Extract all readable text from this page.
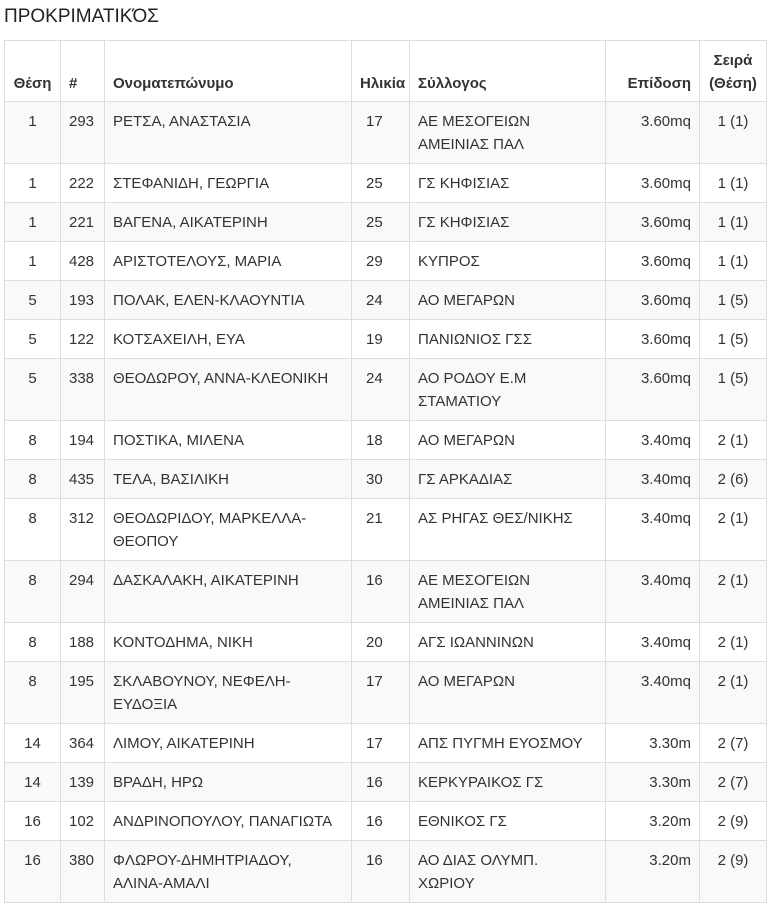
ΠΡΟΚΡΙΜΑΤΙΚΌΣ
Θέση	#	Ονοματεπώνυμο	Ηλικία	Σύλλογος	Επίδοση	Σειρά (Θέση)
1	293	ΡΕΤΣΑ, ΑΝΑΣΤΑΣΙΑ	17	ΑΕ ΜΕΣΟΓΕΙΩΝ ΑΜΕΙΝΙΑΣ ΠΑΛ	3.60mq	1 (1)
1	222	ΣΤΕΦΑΝΙΔΗ, ΓΕΩΡΓΙΑ	25	ΓΣ ΚΗΦΙΣΙΑΣ	3.60mq	1 (1)
1	221	ΒΑΓΕΝΑ, ΑΙΚΑΤΕΡΙΝΗ	25	ΓΣ ΚΗΦΙΣΙΑΣ	3.60mq	1 (1)
1	428	ΑΡΙΣΤΟΤΕΛΟΥΣ, ΜΑΡΙΑ	29	ΚΥΠΡΟΣ	3.60mq	1 (1)
5	193	ΠΟΛΑΚ, ΕΛΕΝ-ΚΛΑΟΥΝΤΙΑ	24	ΑΟ ΜΕΓΑΡΩΝ	3.60mq	1 (5)
5	122	ΚΟΤΣΑΧΕΙΛΗ, ΕΥΑ	19	ΠΑΝΙΩΝΙΟΣ ΓΣΣ	3.60mq	1 (5)
5	338	ΘΕΟΔΩΡΟΥ, ΑΝΝΑ-ΚΛΕΟΝΙΚΗ	24	ΑΟ ΡΟΔΟΥ Ε.Μ ΣΤΑΜΑΤΙΟΥ	3.60mq	1 (5)
8	194	ΠΟΣΤΙΚΑ, ΜΙΛΕΝΑ	18	ΑΟ ΜΕΓΑΡΩΝ	3.40mq	2 (1)
8	435	ΤΕΛΑ, ΒΑΣΙΛΙΚΗ	30	ΓΣ ΑΡΚΑΔΙΑΣ	3.40mq	2 (6)
8	312	ΘΕΟΔΩΡΙΔΟΥ, ΜΑΡΚΕΛΛΑ-ΘΕΟΠΟΥ	21	ΑΣ ΡΗΓΑΣ ΘΕΣ/ΝΙΚΗΣ	3.40mq	2 (1)
8	294	ΔΑΣΚΑΛΑΚΗ, ΑΙΚΑΤΕΡΙΝΗ	16	ΑΕ ΜΕΣΟΓΕΙΩΝ ΑΜΕΙΝΙΑΣ ΠΑΛ	3.40mq	2 (1)
8	188	ΚΟΝΤΟΔΗΜΑ, ΝΙΚΗ	20	ΑΓΣ ΙΩΑΝΝΙΝΩΝ	3.40mq	2 (1)
8	195	ΣΚΛΑΒΟΥΝΟΥ, ΝΕΦΕΛΗ-ΕΥΔΟΞΙΑ	17	ΑΟ ΜΕΓΑΡΩΝ	3.40mq	2 (1)
14	364	ΛΙΜΟΥ, ΑΙΚΑΤΕΡΙΝΗ	17	ΑΠΣ ΠΥΓΜΗ ΕΥΟΣΜΟΥ	3.30m	2 (7)
14	139	ΒΡΑΔΗ, ΗΡΩ	16	ΚΕΡΚΥΡΑΙΚΟΣ ΓΣ	3.30m	2 (7)
16	102	ΑΝΔΡΙΝΟΠΟΥΛΟΥ, ΠΑΝΑΓΙΩΤΑ	16	ΕΘΝΙΚΟΣ ΓΣ	3.20m	2 (9)
16	380	ΦΛΩΡΟΥ-ΔΗΜΗΤΡΙΑΔΟΥ, ΑΛΙΝΑ-ΑΜΑΛΙ	16	ΑΟ ΔΙΑΣ ΟΛΥΜΠ. ΧΩΡΙΟΥ	3.20m	2 (9)
